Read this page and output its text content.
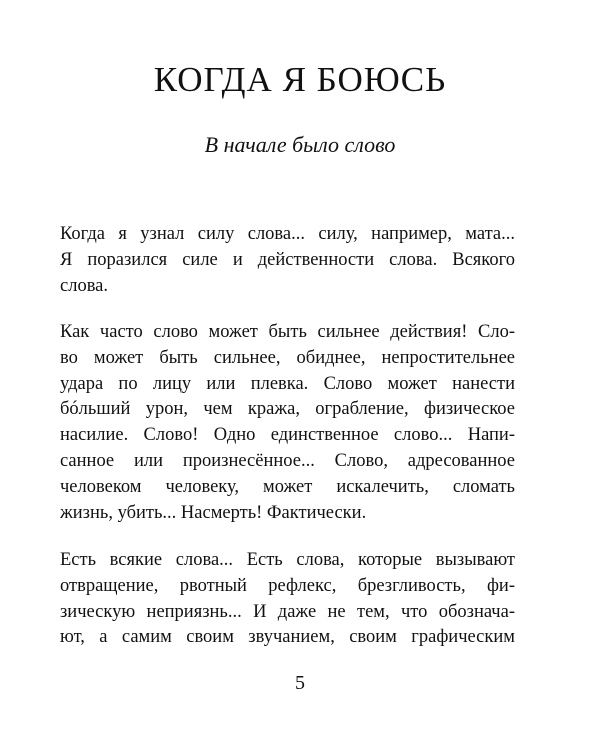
КОГДА Я БОЮСЬ
В начале было слово
Когда я узнал силу слова... силу, например, мата...
Я поразился силе и действенности слова. Всякого
слова.
Как часто слово может быть сильнее действия! Сло-
во может быть сильнее, обиднее, непростительнее
удара по лицу или плевка. Слово может нанести
бóльший урон, чем кража, ограбление, физическое
насилие. Слово! Одно единственное слово... Напи-
санное или произнесённое... Слово, адресованное
человеком человеку, может искалечить, сломать
жизнь, убить... Насмерть! Фактически.
Есть всякие слова... Есть слова, которые вызывают
отвращение, рвотный рефлекс, брезгливость, фи-
зическую неприязнь... И даже не тем, что обознача-
ют, а самим своим звучанием, своим графическим
5
